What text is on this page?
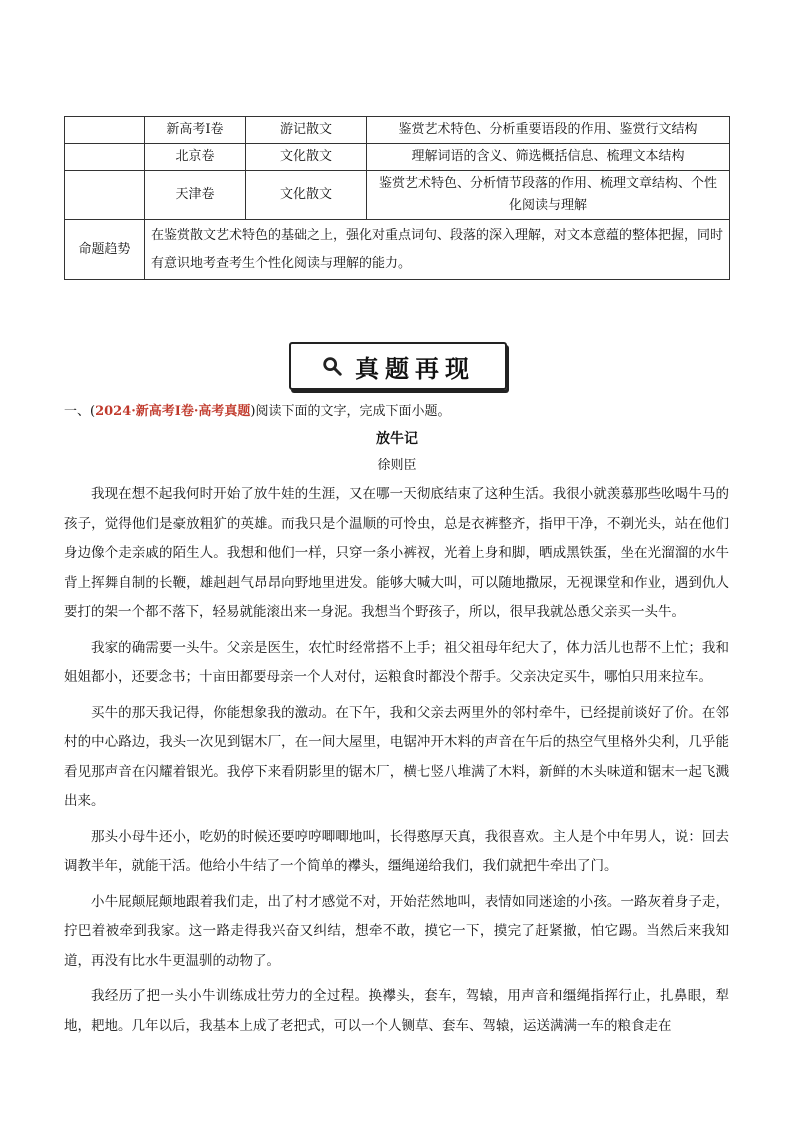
	新高考Ⅰ卷	游记散文	鉴赏艺术特色、分析重要语段的作用、鉴赏行文结构
	北京卷	文化散文	理解词语的含义、筛选概括信息、梳理文本结构
	天津卷	文化散文	鉴赏艺术特色、分析情节段落的作用、梳理文章结构、个性化阅读与理解
命题趋势	在鉴赏散文艺术特色的基础之上，强化对重点词句、段落的深入理解，对文本意蕴的整体把握，同时有意识地考查考生个性化阅读与理解的能力。		
真题再现
一、(2024·新高考Ⅰ卷·高考真题)阅读下面的文字，完成下面小题。
放牛记
徐则臣

我现在想不起我何时开始了放牛娃的生涯，又在哪一天彻底结束了这种生活。我很小就羡慕那些吆喝牛马的孩子，觉得他们是豪放粗犷的英雄。而我只是个温顺的可怜虫，总是衣裤整齐，指甲干净，不剃光头，站在他们身边像个走亲戚的陌生人。我想和他们一样，只穿一条小裤衩，光着上身和脚，晒成黑铁蛋，坐在光溜溜的水牛背上挥舞自制的长鞭，雄赳赳气昂昂向野地里进发。能够大喊大叫，可以随地撒尿，无视课堂和作业，遇到仇人要打的架一个都不落下，轻易就能滚出来一身泥。我想当个野孩子，所以，很早我就怂恿父亲买一头牛。

我家的确需要一头牛。父亲是医生，农忙时经常搭不上手；祖父祖母年纪大了，体力活儿也帮不上忙；我和姐姐都小，还要念书；十亩田都要母亲一个人对付，运粮食时都没个帮手。父亲决定买牛，哪怕只用来拉车。

买牛的那天我记得，你能想象我的激动。在下午，我和父亲去两里外的邻村牵牛，已经提前谈好了价。在邻村的中心路边，我头一次见到锯木厂，在一间大屋里，电锯冲开木料的声音在午后的热空气里格外尖利，几乎能看见那声音在闪耀着银光。我停下来看阴影里的锯木厂，横七竖八堆满了木料，新鲜的木头味道和锯末一起飞溅出来。

那头小母牛还小，吃奶的时候还要哼哼唧唧地叫，长得憨厚天真，我很喜欢。主人是个中年男人，说：回去调教半年，就能干活。他给小牛结了一个简单的襻头，缰绳递给我们，我们就把牛牵出了门。

小牛屁颠屁颠地跟着我们走，出了村才感觉不对，开始茫然地叫，表情如同迷途的小孩。一路灰着身子走，拧巴着被牵到我家。这一路走得我兴奋又纠结，想牵不敢，摸它一下，摸完了赶紧撤，怕它踢。当然后来我知道，再没有比水牛更温驯的动物了。

我经历了把一头小牛训练成壮劳力的全过程。换襻头，套车，驾辕，用声音和缰绳指挥行止，扎鼻眼，犁地，耙地。几年以后，我基本上成了老把式，可以一个人铡草、套车、驾辕，运送满满一车的粮食走在
